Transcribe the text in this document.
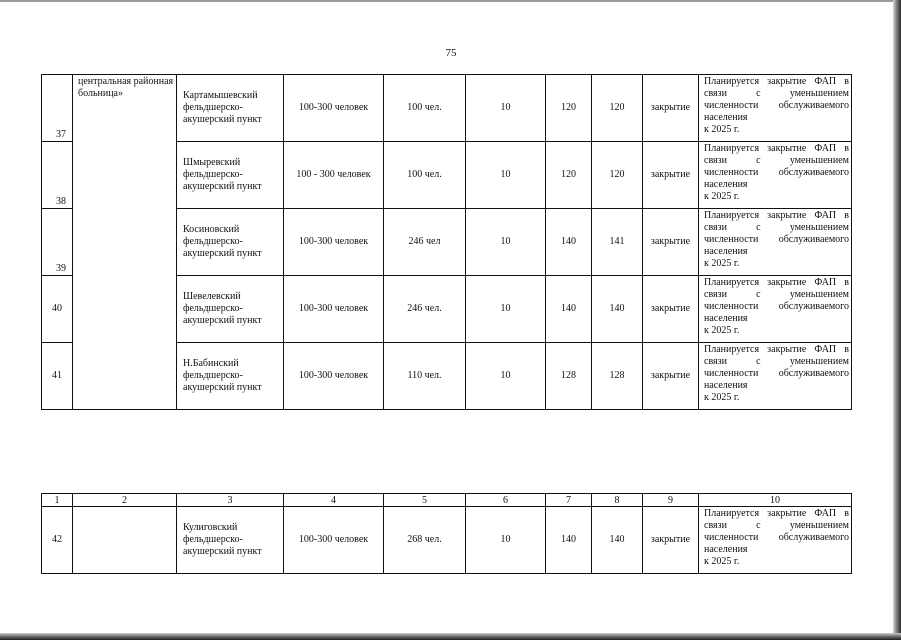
75
37	центральная районная больница»	Картамышевский фельдшерско-акушерский пункт	100-300 человек	100 чел.	10	120	120	закрытие	Планируется закрытие ФАП в связи с уменьшением численности обслуживаемого населения
к 2025 г.

38		Шмыревский фельдшерско-акушерский пункт	100 - 300 человек	100 чел.	10	120	120	закрытие	Планируется закрытие ФАП в связи с уменьшением численности обслуживаемого населения
к 2025 г.

39		Косиновский фельдшерско-акушерский пункт	100-300 человек	246 чел	10	140	141	закрытие	Планируется закрытие ФАП в связи с уменьшением численности обслуживаемого населения
к 2025 г.

40		Шевелевский фельдшерско-акушерский пункт	100-300 человек	246 чел.	10	140	140	закрытие	Планируется закрытие ФАП в связи с уменьшением численности обслуживаемого населения
к 2025 г.

41		Н.Бабинский фельдшерско-акушерский пункт	100-300 человек	110 чел.	10	128	128	закрытие	Планируется закрытие ФАП в связи с уменьшением численности обслуживаемого населения
к 2025 г.
1	2	3	4	5	6	7	8	9	10
42		Кулиговский фельдшерско-акушерский пункт	100-300 человек	268 чел.	10	140	140	закрытие	Планируется закрытие ФАП в связи с уменьшением численности обслуживаемого населения
к 2025 г.
